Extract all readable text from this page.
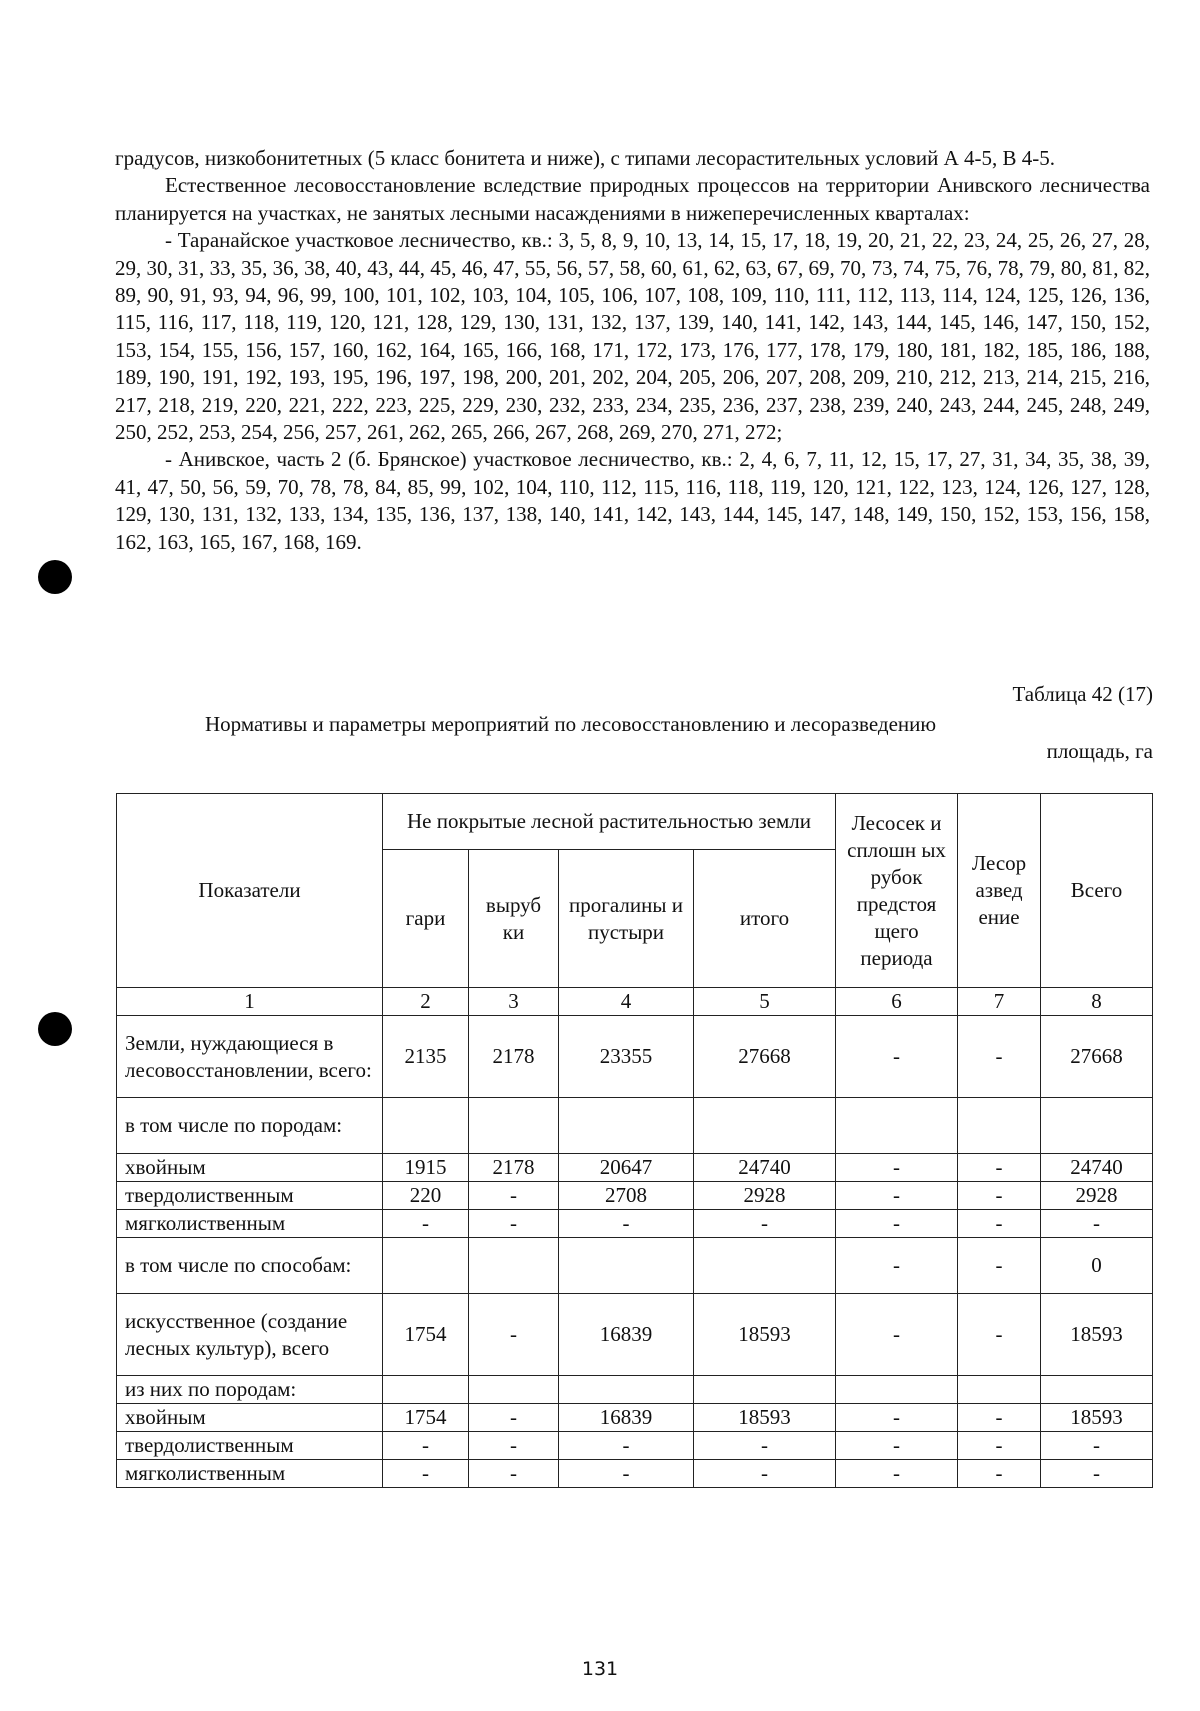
градусов, низкобонитетных (5 класс бонитета и ниже), с типами лесорастительных условий А 4-5, В 4-5.

Естественное лесовосстановление вследствие природных процессов на территории Анивского лесничества планируется на участках, не занятых лесными насаждениями в нижеперечисленных кварталах:

- Таранайское участковое лесничество, кв.: 3, 5, 8, 9, 10, 13, 14, 15, 17, 18, 19, 20, 21, 22, 23, 24, 25, 26, 27, 28, 29, 30, 31, 33, 35, 36, 38, 40, 43, 44, 45, 46, 47, 55, 56, 57, 58, 60, 61, 62, 63, 67, 69, 70, 73, 74, 75, 76, 78, 79, 80, 81, 82, 89, 90, 91, 93, 94, 96, 99, 100, 101, 102, 103, 104, 105, 106, 107, 108, 109, 110, 111, 112, 113, 114, 124, 125, 126, 136, 115, 116, 117, 118, 119, 120, 121, 128, 129, 130, 131, 132, 137, 139, 140, 141, 142, 143, 144, 145, 146, 147, 150, 152, 153, 154, 155, 156, 157, 160, 162, 164, 165, 166, 168, 171, 172, 173, 176, 177, 178, 179, 180, 181, 182, 185, 186, 188, 189, 190, 191, 192, 193, 195, 196, 197, 198, 200, 201, 202, 204, 205, 206, 207, 208, 209, 210, 212, 213, 214, 215, 216, 217, 218, 219, 220, 221, 222, 223, 225, 229, 230, 232, 233, 234, 235, 236, 237, 238, 239, 240, 243, 244, 245, 248, 249, 250, 252, 253, 254, 256, 257, 261, 262, 265, 266, 267, 268, 269, 270, 271, 272;

- Анивское, часть 2 (б. Брянское) участковое лесничество, кв.: 2, 4, 6, 7, 11, 12, 15, 17, 27, 31, 34, 35, 38, 39, 41, 47, 50, 56, 59, 70, 78, 78, 84, 85, 99, 102, 104, 110, 112, 115, 116, 118, 119, 120, 121, 122, 123, 124, 126, 127, 128, 129, 130, 131, 132, 133, 134, 135, 136, 137, 138, 140, 141, 142, 143, 144, 145, 147, 148, 149, 150, 152, 153, 156, 158, 162, 163, 165, 167, 168, 169.

Таблица 42 (17)
Нормативы и параметры мероприятий по лесовосстановлению и лесоразведению
площадь, га
Показатели	Не покрытые лесной растительностью земли				Лесосек и сплошн ых рубок предстоя щего периода	Лесор азвед ение	Всего
	гари	выруб ки	прогалины и пустыри	итого			
1	2	3	4	5	6	7	8
Земли, нуждающиеся в лесовосстановлении, всего:	2135	2178	23355	27668	-	-	27668
в том числе по породам:							
хвойным	1915	2178	20647	24740	-	-	24740
твердолиственным	220	-	2708	2928	-	-	2928
мягколиственным	-	-	-	-	-	-	-
в том числе по способам:					-	-	0
искусственное (создание лесных культур), всего	1754	-	16839	18593	-	-	18593
из них по породам:							
хвойным	1754	-	16839	18593	-	-	18593
твердолиственным	-	-	-	-	-	-	-
мягколиственным	-	-	-	-	-	-	-
131
